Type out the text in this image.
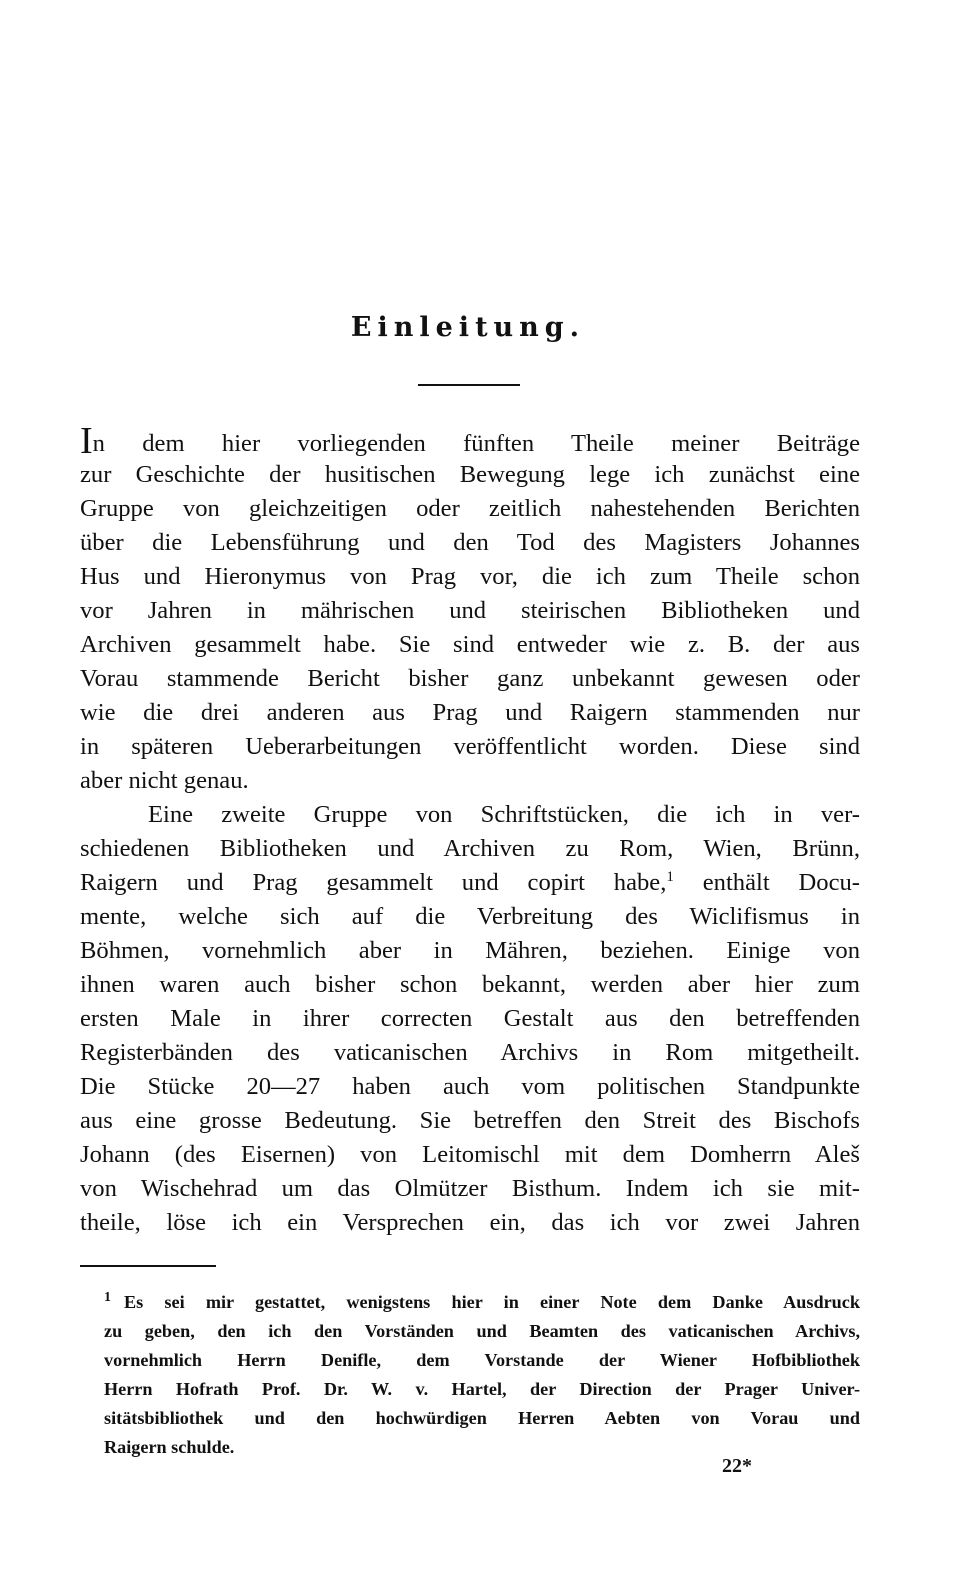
Einleitung.
In dem hier vorliegenden fünften Theile meiner Beiträge
zur Geschichte der husitischen Bewegung lege ich zunächst eine
Gruppe von gleichzeitigen oder zeitlich nahestehenden Berichten
über die Lebensführung und den Tod des Magisters Johannes
Hus und Hieronymus von Prag vor, die ich zum Theile schon
vor Jahren in mährischen und steirischen Bibliotheken und
Archiven gesammelt habe. Sie sind entweder wie z. B. der aus
Vorau stammende Bericht bisher ganz unbekannt gewesen oder
wie die drei anderen aus Prag und Raigern stammenden nur
in späteren Ueberarbeitungen veröffentlicht worden. Diese sind
aber nicht genau.
Eine zweite Gruppe von Schriftstücken, die ich in ver-
schiedenen Bibliotheken und Archiven zu Rom, Wien, Brünn,
Raigern und Prag gesammelt und copirt habe,$^1$ enthält Docu-
mente, welche sich auf die Verbreitung des Wiclifismus in
Böhmen, vornehmlich aber in Mähren, beziehen. Einige von
ihnen waren auch bisher schon bekannt, werden aber hier zum
ersten Male in ihrer correcten Gestalt aus den betreffenden
Registerbänden des vaticanischen Archivs in Rom mitgetheilt.
Die Stücke 20—27 haben auch vom politischen Standpunkte
aus eine grosse Bedeutung. Sie betreffen den Streit des Bischofs
Johann (des Eisernen) von Leitomischl mit dem Domherrn Aleš
von Wischehrad um das Olmützer Bisthum. Indem ich sie mit-
theile, löse ich ein Versprechen ein, das ich vor zwei Jahren
1 Es sei mir gestattet, wenigstens hier in einer Note dem Danke Ausdruck
zu geben, den ich den Vorständen und Beamten des vaticanischen Archivs,
vornehmlich Herrn Denifle, dem Vorstande der Wiener Hofbibliothek
Herrn Hofrath Prof. Dr. W. v. Hartel, der Direction der Prager Univer-
sitätsbibliothek und den hochwürdigen Herren Aebten von Vorau und
Raigern schulde.
22*
